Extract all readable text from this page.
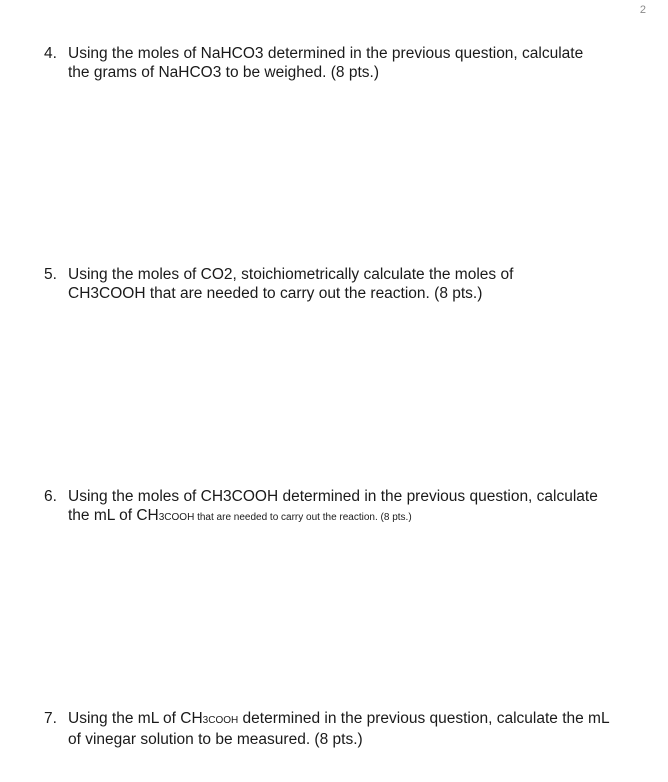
2
4. Using the moles of NaHCO3 determined in the previous question, calculate
the grams of NaHCO3 to be weighed. (8 pts.)
5. Using the moles of CO2, stoichiometrically calculate the moles of
CH3COOH that are needed to carry out the reaction. (8 pts.)
6. Using the moles of CH3COOH determined in the previous question, calculate
the mL of CH3COOH that are needed to carry out the reaction. (8 pts.)
7. Using the mL of CH3COOH determined in the previous question, calculate the mL
of vinegar solution to be measured. (8 pts.)
